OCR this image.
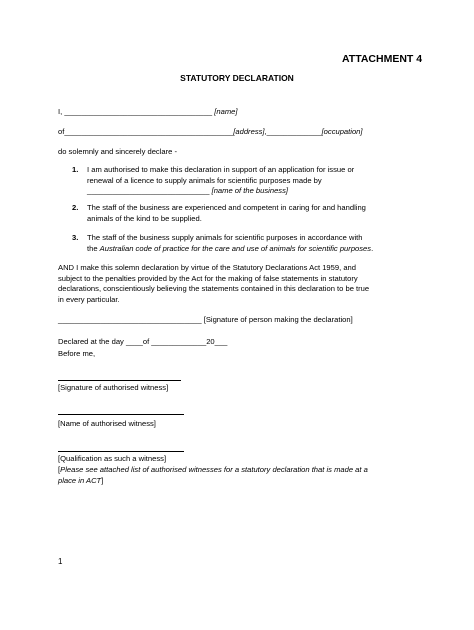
ATTACHMENT 4
STATUTORY DECLARATION
I, ___________________________________ [name]
of________________________________________[address],_____________[occupation]
do solemnly and sincerely declare -
1. I am authorised to make this declaration in support of an application for issue or
renewal of a licence to supply animals for scientific purposes made by
_____________________________ [name of the business]
2. The staff of the business are experienced and competent in caring for and handling
animals of the kind to be supplied.
3. The staff of the business supply animals for scientific purposes in accordance with
the Australian code of practice for the care and use of animals for scientific purposes.
AND I make this solemn declaration by virtue of the Statutory Declarations Act 1959, and
subject to the penalties provided by the Act for the making of false statements in statutory
declarations, conscientiously believing the statements contained in this declaration to be true
in every particular.
__________________________________ [Signature of person making the declaration]
Declared at the day ____of _____________20___
Before me,
[Signature of authorised witness]
[Name of authorised witness]
[Qualification as such a witness]
[Please see attached list of authorised witnesses for a statutory declaration that is made at a
place in ACT]
1
